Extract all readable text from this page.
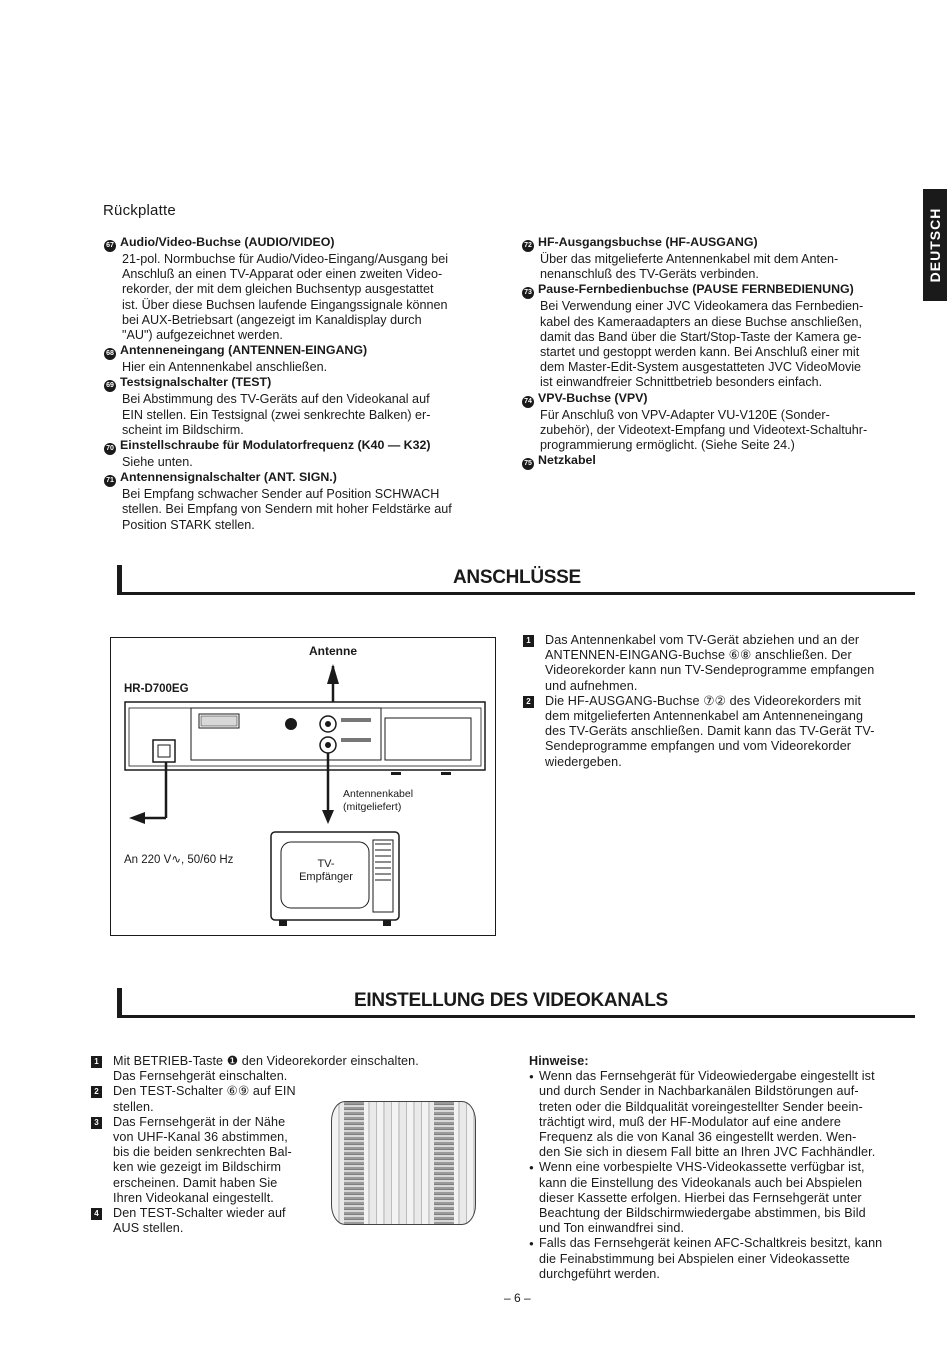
DEUTSCH
Rückplatte
67 Audio/Video-Buchse (AUDIO/VIDEO)
21-pol. Normbuchse für Audio/Video-Eingang/Ausgang bei
Anschluß an einen TV-Apparat oder einen zweiten Video-
rekorder, der mit dem gleichen Buchsentyp ausgestattet
ist. Über diese Buchsen laufende Eingangssignale können
bei AUX-Betriebsart (angezeigt im Kanaldisplay durch
"AU") aufgezeichnet werden.
68 Antenneneingang (ANTENNEN-EINGANG)
Hier ein Antennenkabel anschließen.
69 Testsignalschalter (TEST)
Bei Abstimmung des TV-Geräts auf den Videokanal auf
EIN stellen. Ein Testsignal (zwei senkrechte Balken) er-
scheint im Bildschirm.
70 Einstellschraube für Modulatorfrequenz (K40 — K32)
Siehe unten.
71 Antennensignalschalter (ANT. SIGN.)
Bei Empfang schwacher Sender auf Position SCHWACH
stellen. Bei Empfang von Sendern mit hoher Feldstärke auf
Position STARK stellen.
72 HF-Ausgangsbuchse (HF-AUSGANG)
Über das mitgelieferte Antennenkabel mit dem Anten-
nenanschluß des TV-Geräts verbinden.
73 Pause-Fernbedienbuchse (PAUSE FERNBEDIENUNG)
Bei Verwendung einer JVC Videokamera das Fernbedien-
kabel des Kameraadapters an diese Buchse anschließen,
damit das Band über die Start/Stop-Taste der Kamera ge-
startet und gestoppt werden kann. Bei Anschluß einer mit
dem Master-Edit-System ausgestatteten JVC VideoMovie
ist einwandfreier Schnittbetrieb besonders einfach.
74 VPV-Buchse (VPV)
Für Anschluß von VPV-Adapter VU-V120E (Sonder-
zubehör), der Videotext-Empfang und Videotext-Schaltuhr-
programmierung ermöglicht. (Siehe Seite 24.)
75 Netzkabel
ANSCHLÜSSE
Antenne
HR-D700EG
Antennenkabel
(mitgeliefert)
An 220 V∿, 50/60 Hz	TV-
Empfänger
1 Das Antennenkabel vom TV-Gerät abziehen und an der
ANTENNEN-EINGANG-Buchse ⑥⑧ anschließen. Der
Videorekorder kann nun TV-Sendeprogramme empfangen
und aufnehmen.
2 Die HF-AUSGANG-Buchse ⑦② des Videorekorders mit
dem mitgelieferten Antennenkabel am Antenneneingang
des TV-Geräts anschließen. Damit kann das TV-Gerät TV-
Sendeprogramme empfangen und vom Videorekorder
wiedergeben.
EINSTELLUNG DES VIDEOKANALS
1 Mit BETRIEB-Taste ❶ den Videorekorder einschalten.
Das Fernsehgerät einschalten.
2 Den TEST-Schalter ⑥⑨ auf EIN
stellen.
3 Das Fernsehgerät in der Nähe
von UHF-Kanal 36 abstimmen,
bis die beiden senkrechten Bal-
ken wie gezeigt im Bildschirm
erscheinen. Damit haben Sie
Ihren Videokanal eingestellt.
4 Den TEST-Schalter wieder auf
AUS stellen.
Hinweise:
● Wenn das Fernsehgerät für Videowiedergabe eingestellt ist
und durch Sender in Nachbarkanälen Bildstörungen auf-
treten oder die Bildqualität voreingestellter Sender beein-
trächtigt wird, muß der HF-Modulator auf eine andere
Frequenz als die von Kanal 36 eingestellt werden. Wen-
den Sie sich in diesem Fall bitte an Ihren JVC Fachhändler.
● Wenn eine vorbespielte VHS-Videokassette verfügbar ist,
kann die Einstellung des Videokanals auch bei Abspielen
dieser Kassette erfolgen. Hierbei das Fernsehgerät unter
Beachtung der Bildschirmwiedergabe abstimmen, bis Bild
und Ton einwandfrei sind.
● Falls das Fernsehgerät keinen AFC-Schaltkreis besitzt, kann
die Feinabstimmung bei Abspielen einer Videokassette
durchgeführt werden.
– 6 –
